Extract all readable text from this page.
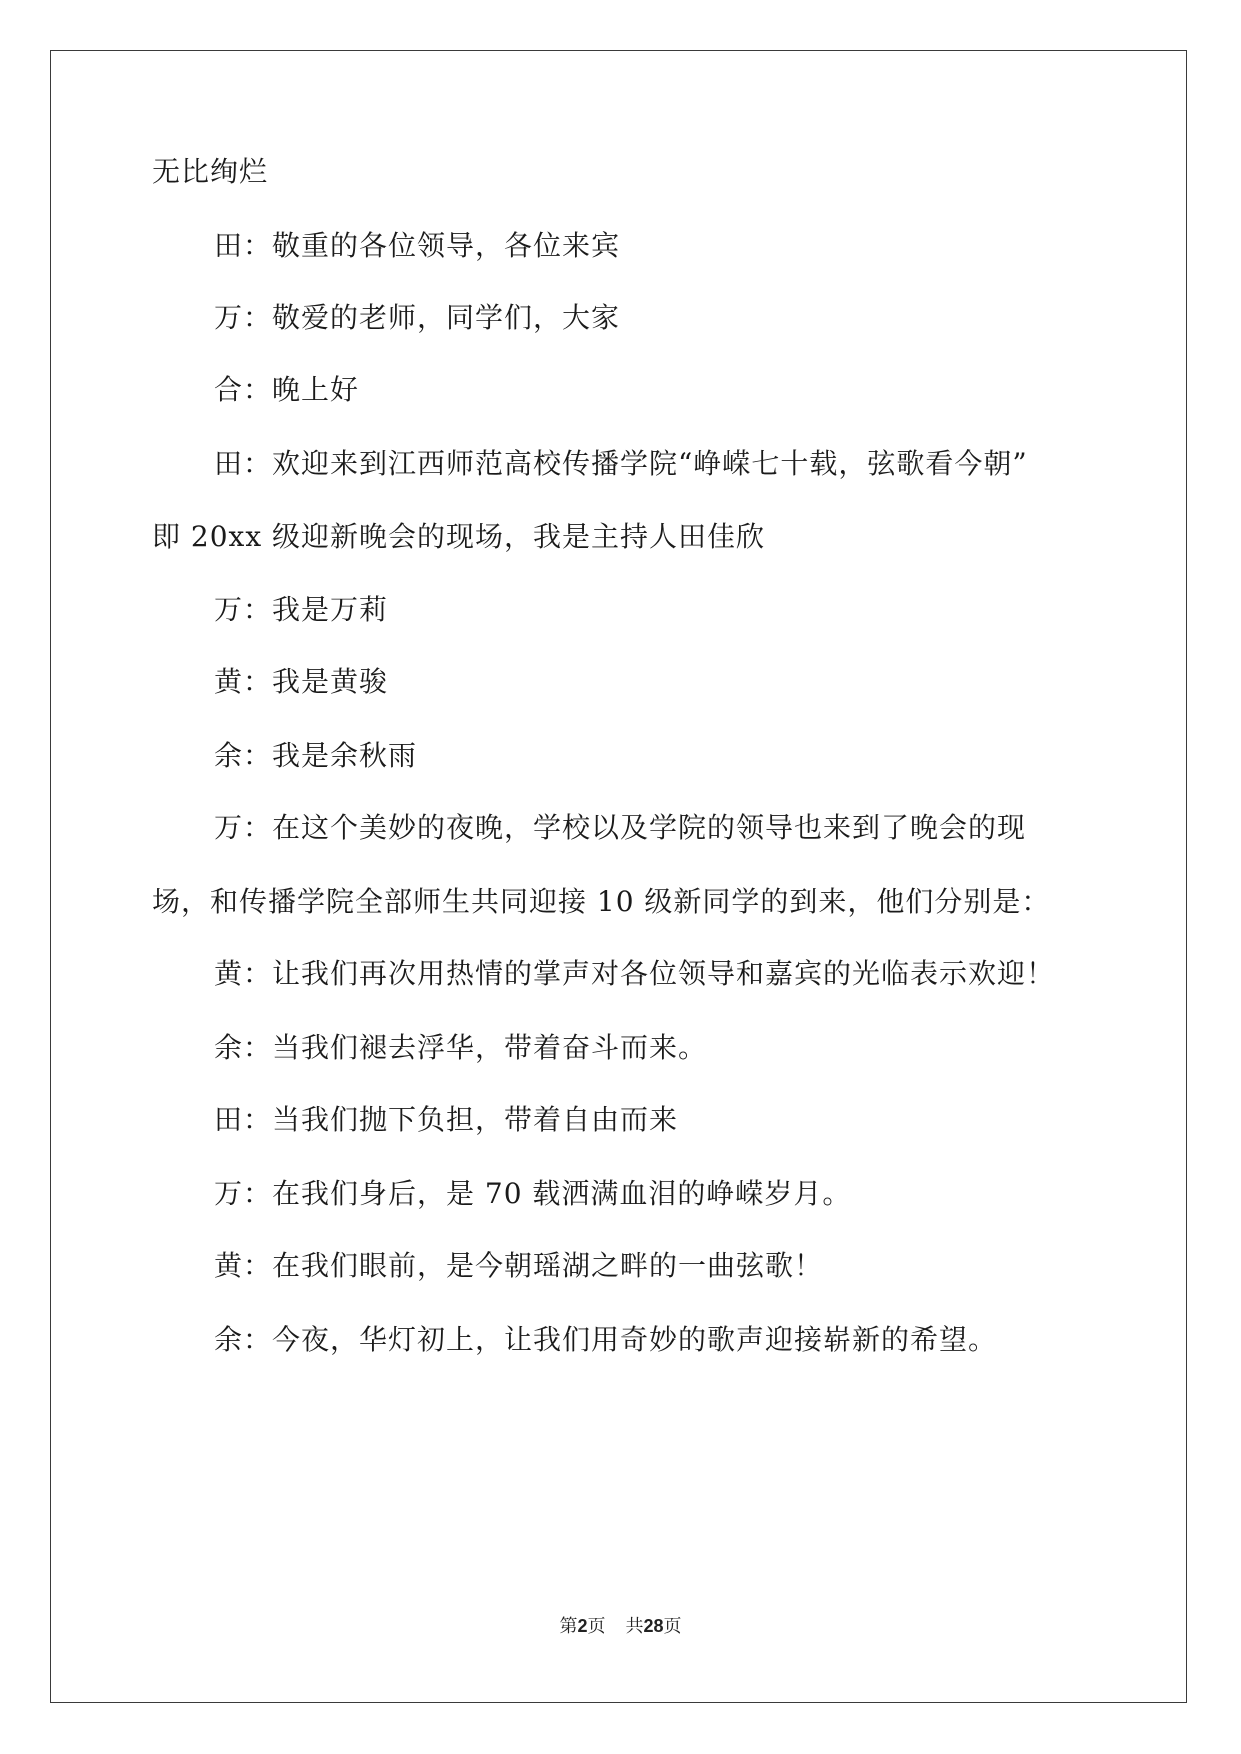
无比绚烂
田：敬重的各位领导，各位来宾
万：敬爱的老师，同学们，大家
合：晚上好
田：欢迎来到江西师范高校传播学院“峥嵘七十载，弦歌看今朝”
即 20xx 级迎新晚会的现场，我是主持人田佳欣
万：我是万莉
黄：我是黄骏
余：我是余秋雨
万：在这个美妙的夜晚，学校以及学院的领导也来到了晚会的现
场，和传播学院全部师生共同迎接 10 级新同学的到来，他们分别是：
黄：让我们再次用热情的掌声对各位领导和嘉宾的光临表示欢迎！
余：当我们褪去浮华，带着奋斗而来。
田：当我们抛下负担，带着自由而来
万：在我们身后，是 70 载洒满血泪的峥嵘岁月。
黄：在我们眼前，是今朝瑶湖之畔的一曲弦歌！
余：今夜，华灯初上，让我们用奇妙的歌声迎接崭新的希望。
第2页 共28页
